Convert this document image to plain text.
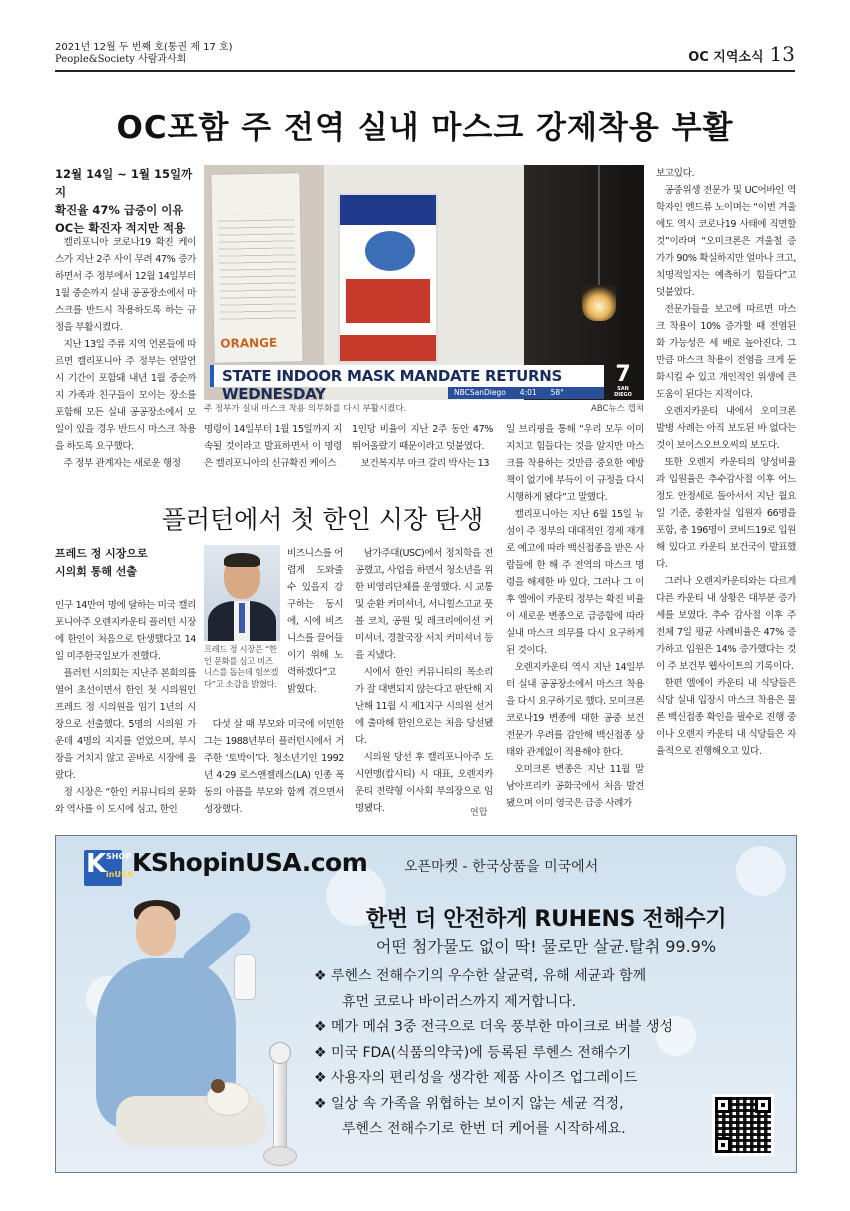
2021년 12월 두 번째 호(통권 제 17 호)
People&Society 사람과사회	OC 지역소식 13
OC포함 주 전역 실내 마스크 강제착용 부활
12월 14일 ~ 1월 15일까지
확진율 47% 급증이 이유
OC는 확진자 적지만 적용
ORANGE
STATE INDOOR MASK MANDATE RETURNS WEDNESDAY	NBCSanDiego 4:01 58°
7
SAN DIEGO
주 정부가 실내 마스크 착용 의무화를 다시 부활시켰다.	ABC뉴스 캡쳐

캘리포니아 코로나19 확진 케이스가 지난 2주 사이 무려 47% 증가하면서 주 정부에서 12월 14일부터 1월 중순까지 실내 공공장소에서 마스크를 반드시 착용하도록 하는 규정을 부활시켰다.

지난 13일 주류 지역 언론들에 따르면 캘리포니아 주 정부는 연말연시 기간이 포함돼 내년 1월 중순까지 가족과 친구들이 모이는 장소를 포함해 모든 실내 공공장소에서 모일이 있을 경우 반드시 마스크 착용을 하도록 요구했다.

주 정부 관계자는 새로운 행정

명령이 14일부터 1월 15일까지 지속될 것이라고 발표하면서 이 명령은 캘리포니아의 신규확진 케이스

1인당 비율이 지난 2주 동안 47% 뛰어올랐기 때문이라고 덧붙였다.

보건복지부 마크 갈리 박사는 13

일 브리핑을 통해 “우리 모두 이미 지치고 힘들다는 것을 알지만 마스크를 착용하는 것만큼 중요한 예방책이 없기에 부득이 이 규정을 다시 시행하게 됐다”고 말했다.

캘리포니아는 지난 6월 15일 뉴섬이 주 정부의 대대적인 경제 재개로 예고에 따라 백신접종을 받은 사람들에 한 해 주 전역의 마스크 명령을 해제한 바 있다. 그러나 그 이후 엘에이 카운티 정부는 확진 비율이 새로운 변종으로 급증함에 따라 실내 마스크 의무를 다시 요구하게 된 것이다.

오렌지카운티 역시 지난 14일부터 실내 공공장소에서 마스크 착용을 다시 요구하기로 했다. 모미크론 코로나19 변종에 대한 공중 보건 전문가 우려를 감안해 백신접종 상태와 관계없이 적용해야 한다.

오미크론 변종은 지난 11월 말 남아프리카 공화국에서 처음 발견됐으며 이미 영국은 급증 사례가

보고있다.

공중위생 전문가 및 UC어바인 역학자인 엔드류 노이며는 “이번 겨울에도 역시 코로나19 사태에 직면할 것”이라며 “오미크론은 겨울철 증가가 90% 확실하지만 얼마나 크고, 치명적일지는 예측하기 힘들다”고 덧붙였다.

전문가들을 보고에 따르면 마스크 착용이 10% 증가할 때 전염된 화 가능성은 세 배로 높아진다. 그만큼 마스크 착용이 전염을 크게 둔화시킬 수 있고 개인적인 위생에 큰 도움이 된다는 지적이다.

오렌지카운티 내에서 오미크론 발병 사례는 아직 보도된 바 없다는 것이 보이스오브오씨의 보도다.

또한 오렌지 카운티의 양성비율과 입원율은 추수감사절 이후 어느 정도 안정세로 돌아서서 지난 월요일 기준, 중환자실 입원자 66명을 포함, 총 196명이 코비드19로 입원해 있다고 카운티 보건국이 발표했다.

그러나 오렌지카운티와는 다르게 다른 카운티 내 상황은 대부분 증가세를 보였다. 추수 감사절 이후 주 전체 7일 평균 사례비율은 47% 증가하고 입원은 14% 증가했다는 것이 주 보건부 웹사이트의 기록이다.

한편 엘에이 카운티 내 식당들은 식당 실내 입장시 마스크 착용은 물론 백신접종 확인을 필수로 진행 중이나 오렌지 카운티 내 식당들은 자율적으로 진행해오고 있다.

플러턴에서 첫 한인 시장 탄생
프레드 정 시장으로
시의회 통해 선출

인구 14만여 명에 달하는 미국 캘리포니아주 오렌지카운티 플러턴 시장에 한인이 처음으로 탄생했다고 14일 미주한국일보가 전했다.

플러턴 시의회는 지난주 본회의를 열어 초선이면서 한인 첫 시의원인 프레드 정 시의원을 임기 1년의 시장으로 선출했다. 5명의 시의원 가운데 4명의 지지를 얻었으며, 부시장을 거치지 않고 곧바로 시장에 올랐다.

정 시장은 “한인 커뮤니티의 문화와 역사를 이 도시에 심고, 한인

프레드 정 시장은 “한인 문화를 심고 비즈니스를 돕는데 힘쓰겠다”고 소감을 밝혔다.

비즈니스를 어렵게 도와줄 수 있을지 강구하는 동시에, 시에 비즈니스를 끌어들이기 위해 노력하겠다”고 밝혔다.

다섯 살 때 부모와 미국에 이민한 그는 1988년부터 플러턴시에서 거주한 ‘토박이’다. 청소년기인 1992년 4·29 로스앤젤레스(LA) 인종 폭동의 아픔을 부모와 함께 겪으면서 성장했다.

남가주대(USC)에서 정치학을 전공했고, 사업을 하면서 청소년을 위한 비영리단체를 운영했다. 시 교통 및 순환 커미셔너, 서니힐스고교 풋볼 코치, 공원 및 레크리에이션 커미셔너, 경찰국장 서치 커미셔너 등을 지냈다.

시에서 한인 커뮤니티의 목소리가 잘 대변되지 않는다고 판단해 지난해 11월 시 제1지구 시의원 선거에 출마해 한인으로는 처음 당선됐다.

시의원 당선 후 캘리포니아주 도시연맹(캅시티) 시 대표, 오렌지카운티 전략형 이사회 부의장으로 임명됐다.	연합
K SHOP
inUSA KShopinUSA.com	오픈마켓 - 한국상품을 미국에서
한번 더 안전하게 RUHENS 전해수기
어떤 첨가물도 없이 딱! 물로만 살균.탈취 99.9%
❖ 루헨스 전해수기의 우수한 살균력, 유해 세균과 함께
휴먼 코로나 바이러스까지 제거합니다.
❖ 메가 메쉬 3중 전극으로 더욱 풍부한 마이크로 버블 생성
❖ 미국 FDA(식품의약국)에 등록된 루헨스 전해수기
❖ 사용자의 편리성을 생각한 제품 사이즈 업그레이드
❖ 일상 속 가족을 위협하는 보이지 않는 세균 걱정,
루헨스 전해수기로 한번 더 케어를 시작하세요.
